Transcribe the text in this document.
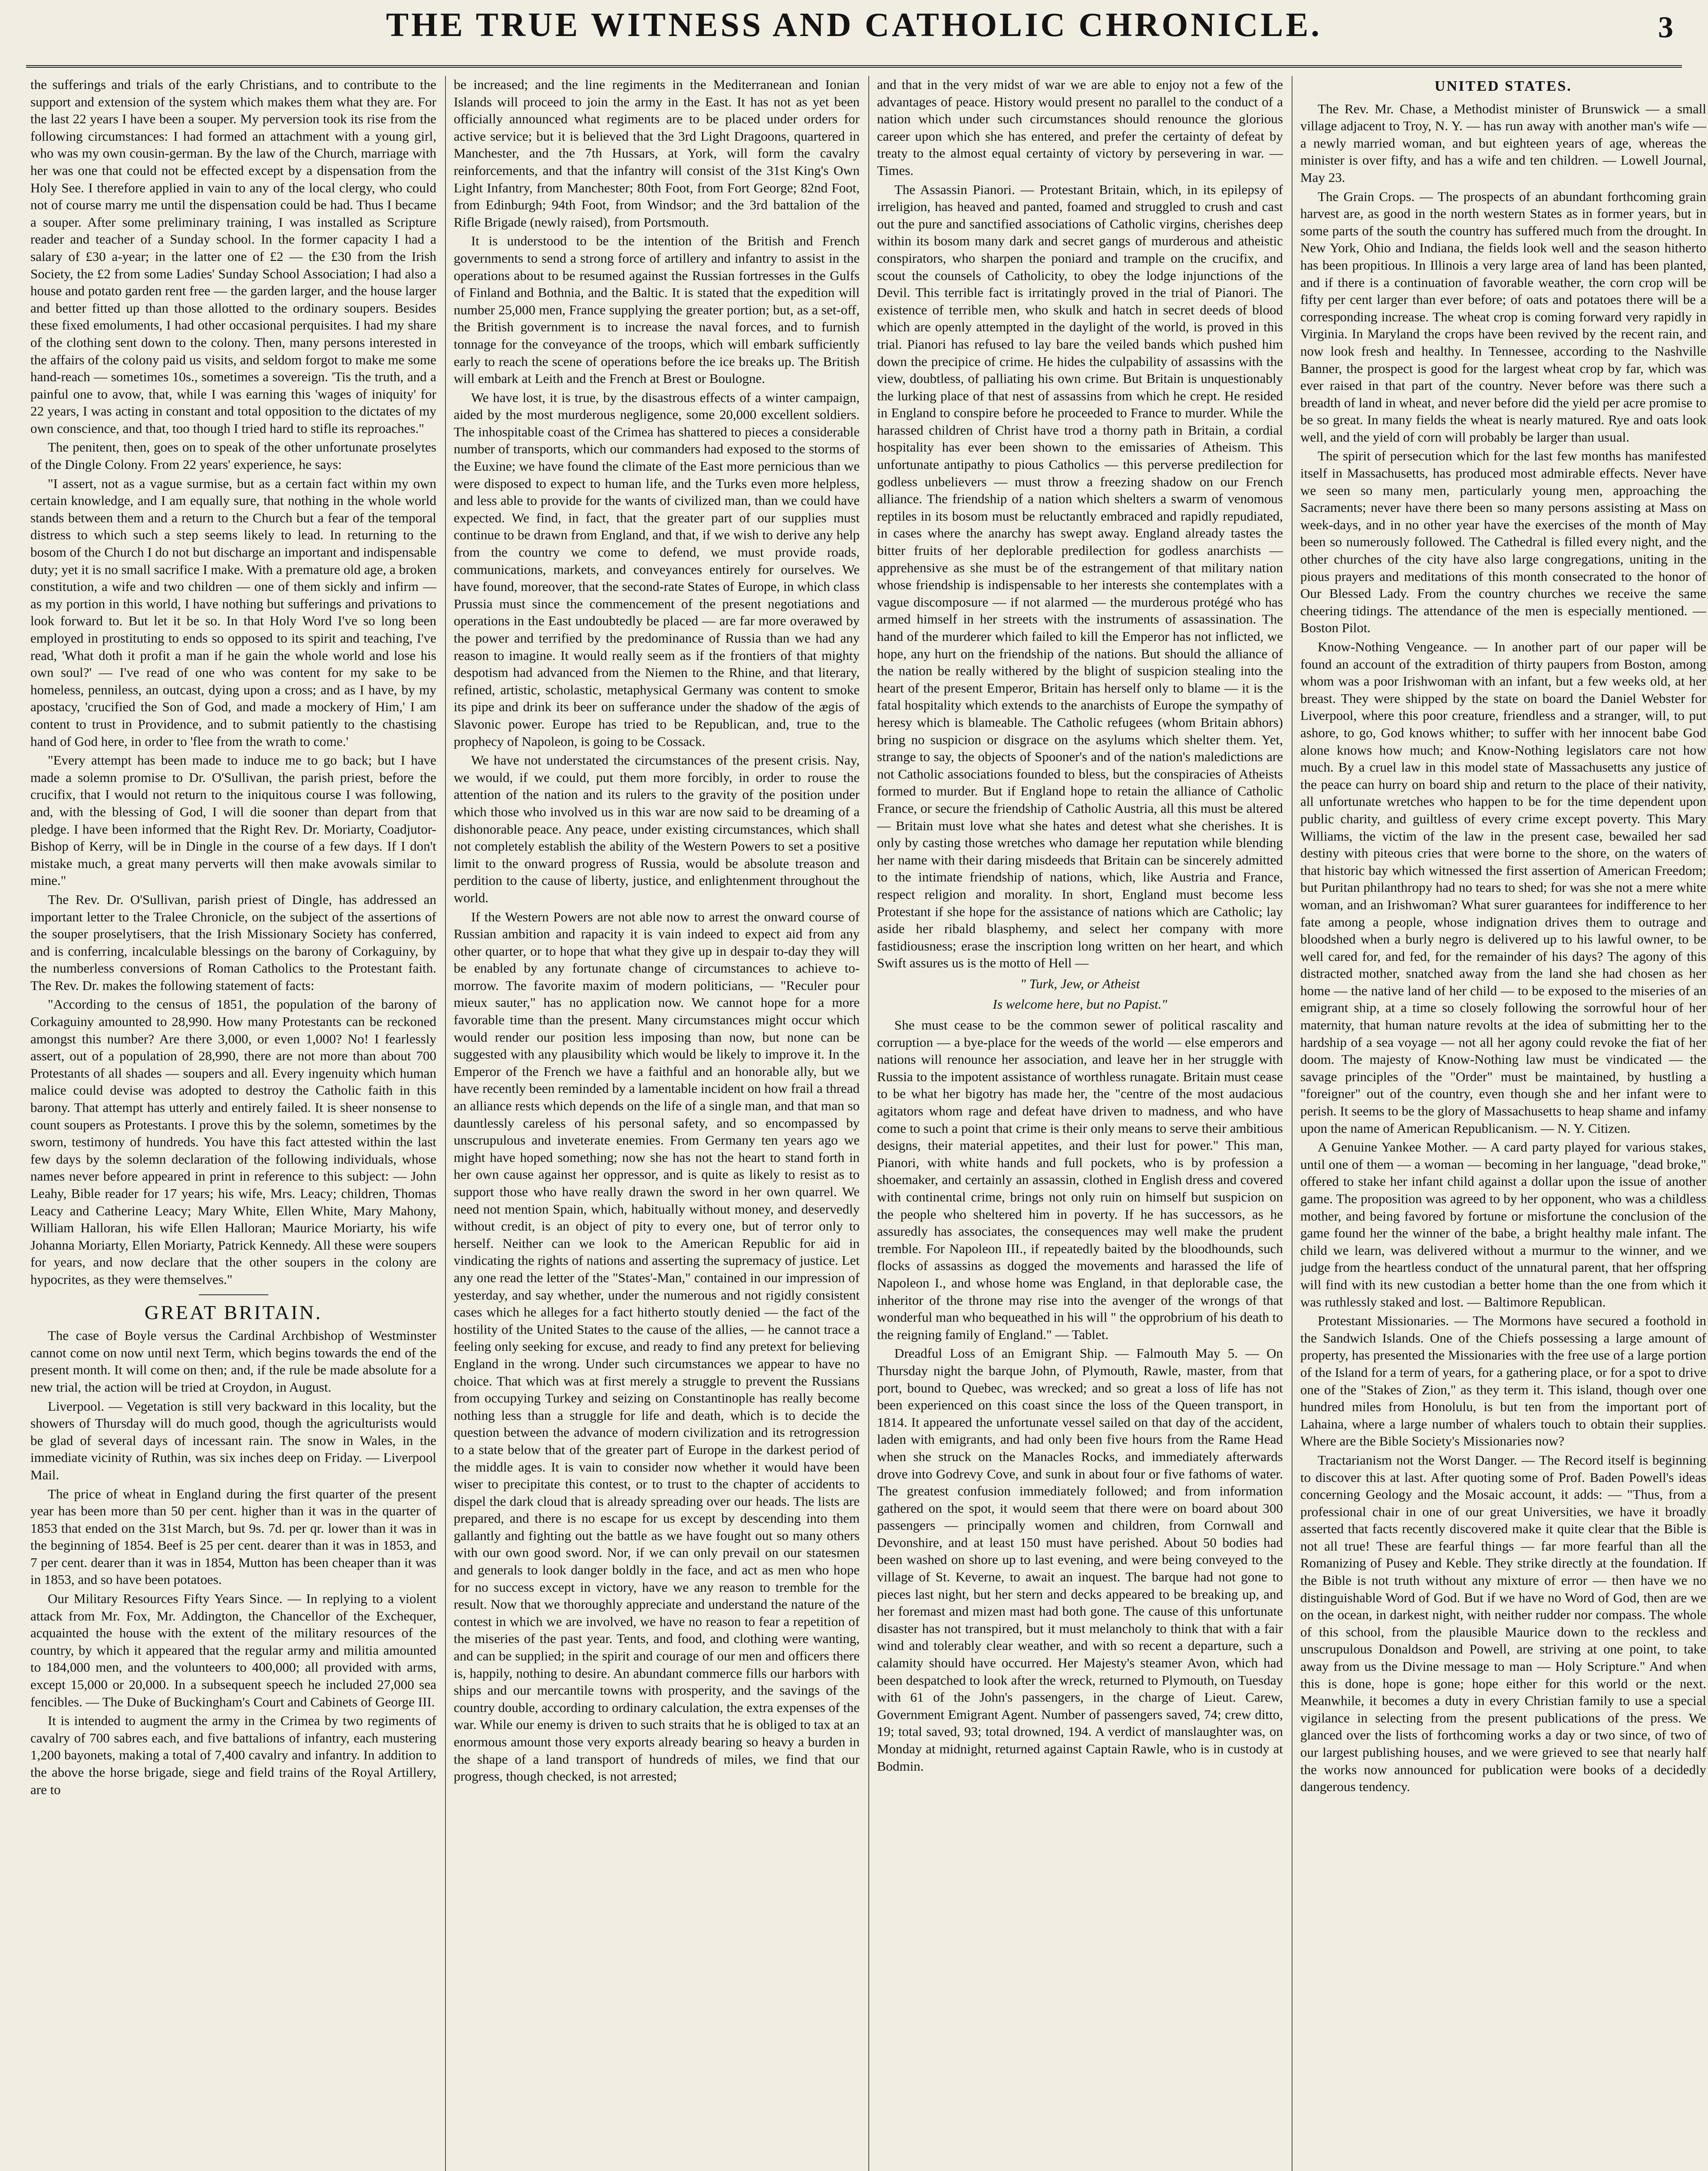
THE TRUE WITNESS AND CATHOLIC CHRONICLE.	3

the sufferings and trials of the early Christians, and to contribute to the support and extension of the system which makes them what they are. For the last 22 years I have been a souper. My perversion took its rise from the following circumstances: I had formed an attachment with a young girl, who was my own cousin-german. By the law of the Church, marriage with her was one that could not be effected except by a dispensation from the Holy See. I therefore applied in vain to any of the local clergy, who could not of course marry me until the dispensation could be had. Thus I became a souper. After some preliminary training, I was installed as Scripture reader and teacher of a Sunday school. In the former capacity I had a salary of £30 a-year; in the latter one of £2 — the £30 from the Irish Society, the £2 from some Ladies' Sunday School Association; I had also a house and potato garden rent free — the garden larger, and the house larger and better fitted up than those allotted to the ordinary soupers. Besides these fixed emoluments, I had other occasional perquisites. I had my share of the clothing sent down to the colony. Then, many persons interested in the affairs of the colony paid us visits, and seldom forgot to make me some hand-reach — sometimes 10s., sometimes a sovereign. 'Tis the truth, and a painful one to avow, that, while I was earning this 'wages of iniquity' for 22 years, I was acting in constant and total opposition to the dictates of my own conscience, and that, too though I tried hard to stifle its reproaches."

The penitent, then, goes on to speak of the other unfortunate proselytes of the Dingle Colony. From 22 years' experience, he says:

"I assert, not as a vague surmise, but as a certain fact within my own certain knowledge, and I am equally sure, that nothing in the whole world stands between them and a return to the Church but a fear of the temporal distress to which such a step seems likely to lead. In returning to the bosom of the Church I do not but discharge an important and indispensable duty; yet it is no small sacrifice I make. With a premature old age, a broken constitution, a wife and two children — one of them sickly and infirm — as my portion in this world, I have nothing but sufferings and privations to look forward to. But let it be so. In that Holy Word I've so long been employed in prostituting to ends so opposed to its spirit and teaching, I've read, 'What doth it profit a man if he gain the whole world and lose his own soul?' — I've read of one who was content for my sake to be homeless, penniless, an outcast, dying upon a cross; and as I have, by my apostacy, 'crucified the Son of God, and made a mockery of Him,' I am content to trust in Providence, and to submit patiently to the chastising hand of God here, in order to 'flee from the wrath to come.'

"Every attempt has been made to induce me to go back; but I have made a solemn promise to Dr. O'Sullivan, the parish priest, before the crucifix, that I would not return to the iniquitous course I was following, and, with the blessing of God, I will die sooner than depart from that pledge. I have been informed that the Right Rev. Dr. Moriarty, Coadjutor-Bishop of Kerry, will be in Dingle in the course of a few days. If I don't mistake much, a great many perverts will then make avowals similar to mine."

The Rev. Dr. O'Sullivan, parish priest of Dingle, has addressed an important letter to the Tralee Chronicle, on the subject of the assertions of the souper proselytisers, that the Irish Missionary Society has conferred, and is conferring, incalculable blessings on the barony of Corkaguiny, by the numberless conversions of Roman Catholics to the Protestant faith. The Rev. Dr. makes the following statement of facts:

"According to the census of 1851, the population of the barony of Corkaguiny amounted to 28,990. How many Protestants can be reckoned amongst this number? Are there 3,000, or even 1,000? No! I fearlessly assert, out of a population of 28,990, there are not more than about 700 Protestants of all shades — soupers and all. Every ingenuity which human malice could devise was adopted to destroy the Catholic faith in this barony. That attempt has utterly and entirely failed. It is sheer nonsense to count soupers as Protestants. I prove this by the solemn, sometimes by the sworn, testimony of hundreds. You have this fact attested within the last few days by the solemn declaration of the following individuals, whose names never before appeared in print in reference to this subject: — John Leahy, Bible reader for 17 years; his wife, Mrs. Leacy; children, Thomas Leacy and Catherine Leacy; Mary White, Ellen White, Mary Mahony, William Halloran, his wife Ellen Halloran; Maurice Moriarty, his wife Johanna Moriarty, Ellen Moriarty, Patrick Kennedy. All these were soupers for years, and now declare that the other soupers in the colony are hypocrites, as they were themselves."

GREAT BRITAIN.

The case of Boyle versus the Cardinal Archbishop of Westminster cannot come on now until next Term, which begins towards the end of the present month. It will come on then; and, if the rule be made absolute for a new trial, the action will be tried at Croydon, in August.

Liverpool. — Vegetation is still very backward in this locality, but the showers of Thursday will do much good, though the agriculturists would be glad of several days of incessant rain. The snow in Wales, in the immediate vicinity of Ruthin, was six inches deep on Friday. — Liverpool Mail.

The price of wheat in England during the first quarter of the present year has been more than 50 per cent. higher than it was in the quarter of 1853 that ended on the 31st March, but 9s. 7d. per qr. lower than it was in the beginning of 1854. Beef is 25 per cent. dearer than it was in 1853, and 7 per cent. dearer than it was in 1854, Mutton has been cheaper than it was in 1853, and so have been potatoes.

Our Military Resources Fifty Years Since. — In replying to a violent attack from Mr. Fox, Mr. Addington, the Chancellor of the Exchequer, acquainted the house with the extent of the military resources of the country, by which it appeared that the regular army and militia amounted to 184,000 men, and the volunteers to 400,000; all provided with arms, except 15,000 or 20,000. In a subsequent speech he included 27,000 sea fencibles. — The Duke of Buckingham's Court and Cabinets of George III.

It is intended to augment the army in the Crimea by two regiments of cavalry of 700 sabres each, and five battalions of infantry, each mustering 1,200 bayonets, making a total of 7,400 cavalry and infantry. In addition to the above the horse brigade, siege and field trains of the Royal Artillery, are to

be increased; and the line regiments in the Mediterranean and Ionian Islands will proceed to join the army in the East. It has not as yet been officially announced what regiments are to be placed under orders for active service; but it is believed that the 3rd Light Dragoons, quartered in Manchester, and the 7th Hussars, at York, will form the cavalry reinforcements, and that the infantry will consist of the 31st King's Own Light Infantry, from Manchester; 80th Foot, from Fort George; 82nd Foot, from Edinburgh; 94th Foot, from Windsor; and the 3rd battalion of the Rifle Brigade (newly raised), from Portsmouth.

It is understood to be the intention of the British and French governments to send a strong force of artillery and infantry to assist in the operations about to be resumed against the Russian fortresses in the Gulfs of Finland and Bothnia, and the Baltic. It is stated that the expedition will number 25,000 men, France supplying the greater portion; but, as a set-off, the British government is to increase the naval forces, and to furnish tonnage for the conveyance of the troops, which will embark sufficiently early to reach the scene of operations before the ice breaks up. The British will embark at Leith and the French at Brest or Boulogne.

We have lost, it is true, by the disastrous effects of a winter campaign, aided by the most murderous negligence, some 20,000 excellent soldiers. The inhospitable coast of the Crimea has shattered to pieces a considerable number of transports, which our commanders had exposed to the storms of the Euxine; we have found the climate of the East more pernicious than we were disposed to expect to human life, and the Turks even more helpless, and less able to provide for the wants of civilized man, than we could have expected. We find, in fact, that the greater part of our supplies must continue to be drawn from England, and that, if we wish to derive any help from the country we come to defend, we must provide roads, communications, markets, and conveyances entirely for ourselves. We have found, moreover, that the second-rate States of Europe, in which class Prussia must since the commencement of the present negotiations and operations in the East undoubtedly be placed — are far more overawed by the power and terrified by the predominance of Russia than we had any reason to imagine. It would really seem as if the frontiers of that mighty despotism had advanced from the Niemen to the Rhine, and that literary, refined, artistic, scholastic, metaphysical Germany was content to smoke its pipe and drink its beer on sufferance under the shadow of the ægis of Slavonic power. Europe has tried to be Republican, and, true to the prophecy of Napoleon, is going to be Cossack.

We have not understated the circumstances of the present crisis. Nay, we would, if we could, put them more forcibly, in order to rouse the attention of the nation and its rulers to the gravity of the position under which those who involved us in this war are now said to be dreaming of a dishonorable peace. Any peace, under existing circumstances, which shall not completely establish the ability of the Western Powers to set a positive limit to the onward progress of Russia, would be absolute treason and perdition to the cause of liberty, justice, and enlightenment throughout the world.

If the Western Powers are not able now to arrest the onward course of Russian ambition and rapacity it is vain indeed to expect aid from any other quarter, or to hope that what they give up in despair to-day they will be enabled by any fortunate change of circumstances to achieve to-morrow. The favorite maxim of modern politicians, — "Reculer pour mieux sauter," has no application now. We cannot hope for a more favorable time than the present. Many circumstances might occur which would render our position less imposing than now, but none can be suggested with any plausibility which would be likely to improve it. In the Emperor of the French we have a faithful and an honorable ally, but we have recently been reminded by a lamentable incident on how frail a thread an alliance rests which depends on the life of a single man, and that man so dauntlessly careless of his personal safety, and so encompassed by unscrupulous and inveterate enemies. From Germany ten years ago we might have hoped something; now she has not the heart to stand forth in her own cause against her oppressor, and is quite as likely to resist as to support those who have really drawn the sword in her own quarrel. We need not mention Spain, which, habitually without money, and deservedly without credit, is an object of pity to every one, but of terror only to herself. Neither can we look to the American Republic for aid in vindicating the rights of nations and asserting the supremacy of justice. Let any one read the letter of the "States'-Man," contained in our impression of yesterday, and say whether, under the numerous and not rigidly consistent cases which he alleges for a fact hitherto stoutly denied — the fact of the hostility of the United States to the cause of the allies, — he cannot trace a feeling only seeking for excuse, and ready to find any pretext for believing England in the wrong. Under such circumstances we appear to have no choice. That which was at first merely a struggle to prevent the Russians from occupying Turkey and seizing on Constantinople has really become nothing less than a struggle for life and death, which is to decide the question between the advance of modern civilization and its retrogression to a state below that of the greater part of Europe in the darkest period of the middle ages. It is vain to consider now whether it would have been wiser to precipitate this contest, or to trust to the chapter of accidents to dispel the dark cloud that is already spreading over our heads. The lists are prepared, and there is no escape for us except by descending into them gallantly and fighting out the battle as we have fought out so many others with our own good sword. Nor, if we can only prevail on our statesmen and generals to look danger boldly in the face, and act as men who hope for no success except in victory, have we any reason to tremble for the result. Now that we thoroughly appreciate and understand the nature of the contest in which we are involved, we have no reason to fear a repetition of the miseries of the past year. Tents, and food, and clothing were wanting, and can be supplied; in the spirit and courage of our men and officers there is, happily, nothing to desire. An abundant commerce fills our harbors with ships and our mercantile towns with prosperity, and the savings of the country double, according to ordinary calculation, the extra expenses of the war. While our enemy is driven to such straits that he is obliged to tax at an enormous amount those very exports already bearing so heavy a burden in the shape of a land transport of hundreds of miles, we find that our progress, though checked, is not arrested;

and that in the very midst of war we are able to enjoy not a few of the advantages of peace. History would present no parallel to the conduct of a nation which under such circumstances should renounce the glorious career upon which she has entered, and prefer the certainty of defeat by treaty to the almost equal certainty of victory by persevering in war. — Times.

The Assassin Pianori. — Protestant Britain, which, in its epilepsy of irreligion, has heaved and panted, foamed and struggled to crush and cast out the pure and sanctified associations of Catholic virgins, cherishes deep within its bosom many dark and secret gangs of murderous and atheistic conspirators, who sharpen the poniard and trample on the crucifix, and scout the counsels of Catholicity, to obey the lodge injunctions of the Devil. This terrible fact is irritatingly proved in the trial of Pianori. The existence of terrible men, who skulk and hatch in secret deeds of blood which are openly attempted in the daylight of the world, is proved in this trial. Pianori has refused to lay bare the veiled bands which pushed him down the precipice of crime. He hides the culpability of assassins with the view, doubtless, of palliating his own crime. But Britain is unquestionably the lurking place of that nest of assassins from which he crept. He resided in England to conspire before he proceeded to France to murder. While the harassed children of Christ have trod a thorny path in Britain, a cordial hospitality has ever been shown to the emissaries of Atheism. This unfortunate antipathy to pious Catholics — this perverse predilection for godless unbelievers — must throw a freezing shadow on our French alliance. The friendship of a nation which shelters a swarm of venomous reptiles in its bosom must be reluctantly embraced and rapidly repudiated, in cases where the anarchy has swept away. England already tastes the bitter fruits of her deplorable predilection for godless anarchists — apprehensive as she must be of the estrangement of that military nation whose friendship is indispensable to her interests she contemplates with a vague discomposure — if not alarmed — the murderous protégé who has armed himself in her streets with the instruments of assassination. The hand of the murderer which failed to kill the Emperor has not inflicted, we hope, any hurt on the friendship of the nations. But should the alliance of the nation be really withered by the blight of suspicion stealing into the heart of the present Emperor, Britain has herself only to blame — it is the fatal hospitality which extends to the anarchists of Europe the sympathy of heresy which is blameable. The Catholic refugees (whom Britain abhors) bring no suspicion or disgrace on the asylums which shelter them. Yet, strange to say, the objects of Spooner's and of the nation's maledictions are not Catholic associations founded to bless, but the conspiracies of Atheists formed to murder. But if England hope to retain the alliance of Catholic France, or secure the friendship of Catholic Austria, all this must be altered — Britain must love what she hates and detest what she cherishes. It is only by casting those wretches who damage her reputation while blending her name with their daring misdeeds that Britain can be sincerely admitted to the intimate friendship of nations, which, like Austria and France, respect religion and morality. In short, England must become less Protestant if she hope for the assistance of nations which are Catholic; lay aside her ribald blasphemy, and select her company with more fastidiousness; erase the inscription long written on her heart, and which Swift assures us is the motto of Hell —

" Turk, Jew, or Atheist
Is welcome here, but no Papist."

She must cease to be the common sewer of political rascality and corruption — a bye-place for the weeds of the world — else emperors and nations will renounce her association, and leave her in her struggle with Russia to the impotent assistance of worthless runagate. Britain must cease to be what her bigotry has made her, the "centre of the most audacious agitators whom rage and defeat have driven to madness, and who have come to such a point that crime is their only means to serve their ambitious designs, their material appetites, and their lust for power." This man, Pianori, with white hands and full pockets, who is by profession a shoemaker, and certainly an assassin, clothed in English dress and covered with continental crime, brings not only ruin on himself but suspicion on the people who sheltered him in poverty. If he has successors, as he assuredly has associates, the consequences may well make the prudent tremble. For Napoleon III., if repeatedly baited by the bloodhounds, such flocks of assassins as dogged the movements and harassed the life of Napoleon I., and whose home was England, in that deplorable case, the inheritor of the throne may rise into the avenger of the wrongs of that wonderful man who bequeathed in his will " the opprobrium of his death to the reigning family of England." — Tablet.

Dreadful Loss of an Emigrant Ship. — Falmouth May 5. — On Thursday night the barque John, of Plymouth, Rawle, master, from that port, bound to Quebec, was wrecked; and so great a loss of life has not been experienced on this coast since the loss of the Queen transport, in 1814. It appeared the unfortunate vessel sailed on that day of the accident, laden with emigrants, and had only been five hours from the Rame Head when she struck on the Manacles Rocks, and immediately afterwards drove into Godrevy Cove, and sunk in about four or five fathoms of water. The greatest confusion immediately followed; and from information gathered on the spot, it would seem that there were on board about 300 passengers — principally women and children, from Cornwall and Devonshire, and at least 150 must have perished. About 50 bodies had been washed on shore up to last evening, and were being conveyed to the village of St. Keverne, to await an inquest. The barque had not gone to pieces last night, but her stern and decks appeared to be breaking up, and her foremast and mizen mast had both gone. The cause of this unfortunate disaster has not transpired, but it must melancholy to think that with a fair wind and tolerably clear weather, and with so recent a departure, such a calamity should have occurred. Her Majesty's steamer Avon, which had been despatched to look after the wreck, returned to Plymouth, on Tuesday with 61 of the John's passengers, in the charge of Lieut. Carew, Government Emigrant Agent. Number of passengers saved, 74; crew ditto, 19; total saved, 93; total drowned, 194. A verdict of manslaughter was, on Monday at midnight, returned against Captain Rawle, who is in custody at Bodmin.

UNITED STATES.

The Rev. Mr. Chase, a Methodist minister of Brunswick — a small village adjacent to Troy, N. Y. — has run away with another man's wife — a newly married woman, and but eighteen years of age, whereas the minister is over fifty, and has a wife and ten children. — Lowell Journal, May 23.

The Grain Crops. — The prospects of an abundant forthcoming grain harvest are, as good in the north western States as in former years, but in some parts of the south the country has suffered much from the drought. In New York, Ohio and Indiana, the fields look well and the season hitherto has been propitious. In Illinois a very large area of land has been planted, and if there is a continuation of favorable weather, the corn crop will be fifty per cent larger than ever before; of oats and potatoes there will be a corresponding increase. The wheat crop is coming forward very rapidly in Virginia. In Maryland the crops have been revived by the recent rain, and now look fresh and healthy. In Tennessee, according to the Nashville Banner, the prospect is good for the largest wheat crop by far, which was ever raised in that part of the country. Never before was there such a breadth of land in wheat, and never before did the yield per acre promise to be so great. In many fields the wheat is nearly matured. Rye and oats look well, and the yield of corn will probably be larger than usual.

The spirit of persecution which for the last few months has manifested itself in Massachusetts, has produced most admirable effects. Never have we seen so many men, particularly young men, approaching the Sacraments; never have there been so many persons assisting at Mass on week-days, and in no other year have the exercises of the month of May been so numerously followed. The Cathedral is filled every night, and the other churches of the city have also large congregations, uniting in the pious prayers and meditations of this month consecrated to the honor of Our Blessed Lady. From the country churches we receive the same cheering tidings. The attendance of the men is especially mentioned. — Boston Pilot.

Know-Nothing Vengeance. — In another part of our paper will be found an account of the extradition of thirty paupers from Boston, among whom was a poor Irishwoman with an infant, but a few weeks old, at her breast. They were shipped by the state on board the Daniel Webster for Liverpool, where this poor creature, friendless and a stranger, will, to put ashore, to go, God knows whither; to suffer with her innocent babe God alone knows how much; and Know-Nothing legislators care not how much. By a cruel law in this model state of Massachusetts any justice of the peace can hurry on board ship and return to the place of their nativity, all unfortunate wretches who happen to be for the time dependent upon public charity, and guiltless of every crime except poverty. This Mary Williams, the victim of the law in the present case, bewailed her sad destiny with piteous cries that were borne to the shore, on the waters of that historic bay which witnessed the first assertion of American Freedom; but Puritan philanthropy had no tears to shed; for was she not a mere white woman, and an Irishwoman? What surer guarantees for indifference to her fate among a people, whose indignation drives them to outrage and bloodshed when a burly negro is delivered up to his lawful owner, to be well cared for, and fed, for the remainder of his days? The agony of this distracted mother, snatched away from the land she had chosen as her home — the native land of her child — to be exposed to the miseries of an emigrant ship, at a time so closely following the sorrowful hour of her maternity, that human nature revolts at the idea of submitting her to the hardship of a sea voyage — not all her agony could revoke the fiat of her doom. The majesty of Know-Nothing law must be vindicated — the savage principles of the "Order" must be maintained, by hustling a "foreigner" out of the country, even though she and her infant were to perish. It seems to be the glory of Massachusetts to heap shame and infamy upon the name of American Republicanism. — N. Y. Citizen.

A Genuine Yankee Mother. — A card party played for various stakes, until one of them — a woman — becoming in her language, "dead broke," offered to stake her infant child against a dollar upon the issue of another game. The proposition was agreed to by her opponent, who was a childless mother, and being favored by fortune or misfortune the conclusion of the game found her the winner of the babe, a bright healthy male infant. The child we learn, was delivered without a murmur to the winner, and we judge from the heartless conduct of the unnatural parent, that her offspring will find with its new custodian a better home than the one from which it was ruthlessly staked and lost. — Baltimore Republican.

Protestant Missionaries. — The Mormons have secured a foothold in the Sandwich Islands. One of the Chiefs possessing a large amount of property, has presented the Missionaries with the free use of a large portion of the Island for a term of years, for a gathering place, or for a spot to drive one of the "Stakes of Zion," as they term it. This island, though over one hundred miles from Honolulu, is but ten from the important port of Lahaina, where a large number of whalers touch to obtain their supplies. Where are the Bible Society's Missionaries now?

Tractarianism not the Worst Danger. — The Record itself is beginning to discover this at last. After quoting some of Prof. Baden Powell's ideas concerning Geology and the Mosaic account, it adds: — "Thus, from a professional chair in one of our great Universities, we have it broadly asserted that facts recently discovered make it quite clear that the Bible is not all true! These are fearful things — far more fearful than all the Romanizing of Pusey and Keble. They strike directly at the foundation. If the Bible is not truth without any mixture of error — then have we no distinguishable Word of God. But if we have no Word of God, then are we on the ocean, in darkest night, with neither rudder nor compass. The whole of this school, from the plausible Maurice down to the reckless and unscrupulous Donaldson and Powell, are striving at one point, to take away from us the Divine message to man — Holy Scripture." And when this is done, hope is gone; hope either for this world or the next. Meanwhile, it becomes a duty in every Christian family to use a special vigilance in selecting from the present publications of the press. We glanced over the lists of forthcoming works a day or two since, of two of our largest publishing houses, and we were grieved to see that nearly half the works now announced for publication were books of a decidedly dangerous tendency.
